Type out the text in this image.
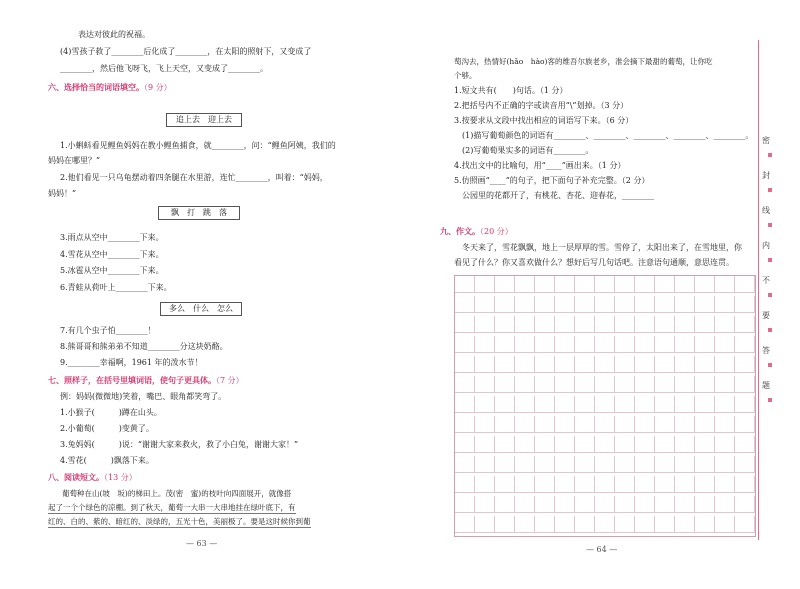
表达对彼此的祝福。
(4)雪孩子救了________后化成了________，在太阳的照射下，又变成了
________，然后他飞呀飞，飞上天空，又变成了________。
六、选择恰当的词语填空。（9 分）
追上去　迎上去
1.小蝌蚪看见鲤鱼妈妈在教小鲤鱼捕食，就________，问：“鲤鱼阿姨，我们的
妈妈在哪里？”
2.他们看见一只乌龟摆动着四条腿在水里游，连忙________，叫着：“妈妈，
妈妈！”
飘　打　跳　落
3.雨点从空中________下来。
4.雪花从空中________下来。
5.冰雹从空中________下来。
6.青蛙从荷叶上________下来。
多么　什么　怎么
7.有几个虫子怕________！
8.熊哥哥和熊弟弟不知道________分这块奶酪。
9.________幸福啊，1961 年的泼水节！
七、照样子，在括号里填词语，使句子更具体。（7 分）
例：妈妈(微微地)笑着，嘴巴、眼角都笑弯了。
1.小猴子(　　　)蹲在山头。
2.小葡萄(　　　)变黄了。
3.兔妈妈(　　　)说：“谢谢大家来救火，救了小白兔，谢谢大家！”
4.雪花(　　　)飘落下来。
八、阅读短文。（13 分）
葡萄种在山(坡　坂)的梯田上。茂(密　蜜)的枝叶向四面展开，就像搭
起了一个个绿色的凉棚。到了秋天，葡萄一大串一大串地挂在绿叶底下，有
红的、白的、紫的、暗红的、淡绿的，五光十色，美丽极了。要是这时候你到葡
— 63 —
萄沟去，热情好(hǎo　hào)客的维吾尔族老乡，准会摘下最甜的葡萄，让你吃
个够。
1.短文共有(　　)句话。（1 分）
2.把括号内不正确的字或读音用“\”划掉。（3 分）
3.按要求从文段中找出相应的词语写下来。（6 分）
(1)描写葡萄颜色的词语有________、________、________、________、________。
(2)写葡萄果实多的词语有________。
4.找出文中的比喻句，用“____”画出来。（1 分）
5.仿照画“____”的句子，把下面句子补充完整。（2 分）
公园里的花都开了，有桃花、杏花、迎春花，________
九、作文。（20 分）
冬天来了，雪花飘飘，地上一层厚厚的雪。雪停了，太阳出来了，在雪地里，你
看见了什么？你又喜欢做什么？想好后写几句话吧。注意语句通顺，意思连贯。
— 64 —
密
封
线
内
不
要
答
题
